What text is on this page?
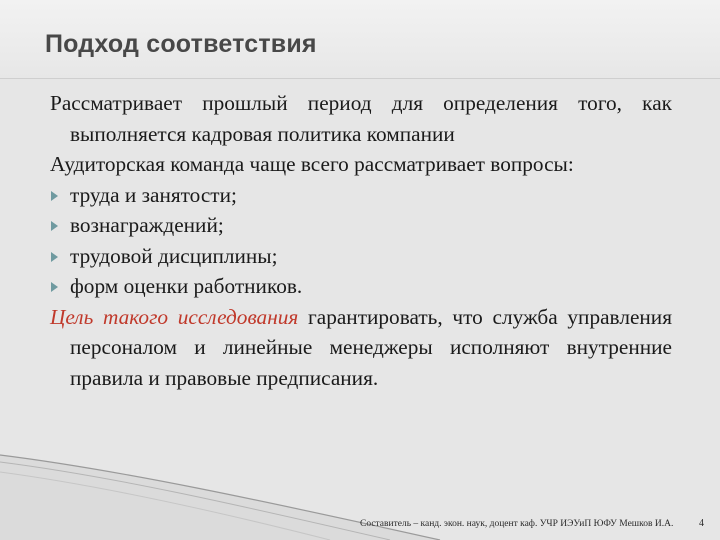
Подход соответствия

Рассматривает прошлый период для определения того, как выполняется кадровая политика компании

Аудиторская команда чаще всего рассматривает вопросы:

труда и занятости;
вознаграждений;
трудовой дисциплины;
форм оценки работников.

Цель такого исследования гарантировать, что служба управления персоналом и линейные менеджеры исполняют внутренние правила и правовые предписания.

Составитель – канд. экон. наук, доцент каф. УЧР ИЭУиП ЮФУ Мешков И.А.	4
